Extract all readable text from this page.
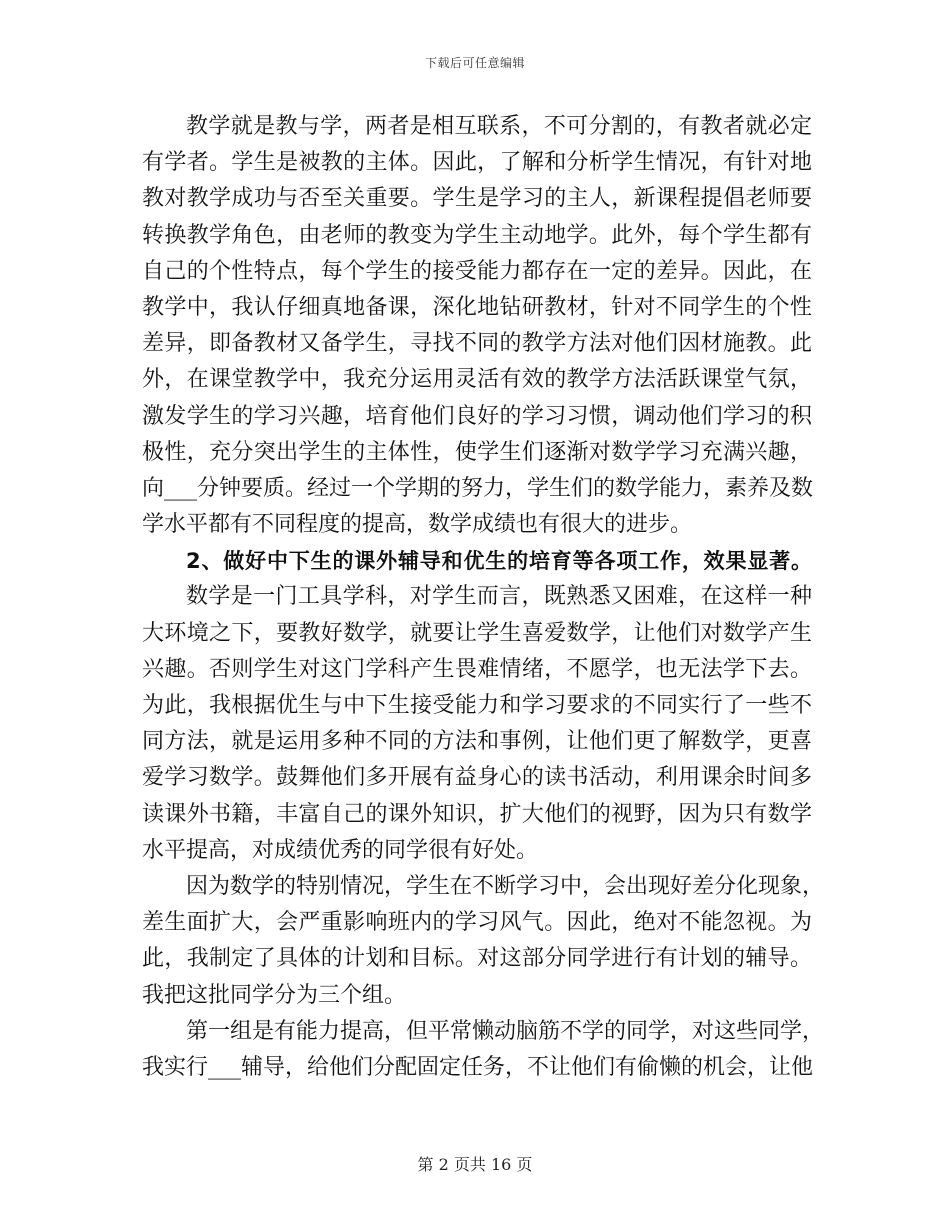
下载后可任意编辑
教学就是教与学，两者是相互联系，不可分割的，有教者就必定
有学者。学生是被教的主体。因此，了解和分析学生情况，有针对地
教对教学成功与否至关重要。学生是学习的主人，新课程提倡老师要
转换教学角色，由老师的教变为学生主动地学。此外，每个学生都有
自己的个性特点，每个学生的接受能力都存在一定的差异。因此，在
教学中，我认仔细真地备课，深化地钻研教材，针对不同学生的个性
差异，即备教材又备学生，寻找不同的教学方法对他们因材施教。此
外，在课堂教学中，我充分运用灵活有效的教学方法活跃课堂气氛，
激发学生的学习兴趣，培育他们良好的学习习惯，调动他们学习的积
极性，充分突出学生的主体性，使学生们逐渐对数学学习充满兴趣，
向___分钟要质。经过一个学期的努力，学生们的数学能力，素养及数
学水平都有不同程度的提高，数学成绩也有很大的进步。
2、做好中下生的课外辅导和优生的培育等各项工作，效果显著。
数学是一门工具学科，对学生而言，既熟悉又困难，在这样一种
大环境之下，要教好数学，就要让学生喜爱数学，让他们对数学产生
兴趣。否则学生对这门学科产生畏难情绪，不愿学，也无法学下去。
为此，我根据优生与中下生接受能力和学习要求的不同实行了一些不
同方法，就是运用多种不同的方法和事例，让他们更了解数学，更喜
爱学习数学。鼓舞他们多开展有益身心的读书活动，利用课余时间多
读课外书籍，丰富自己的课外知识，扩大他们的视野，因为只有数学
水平提高，对成绩优秀的同学很有好处。
因为数学的特别情况，学生在不断学习中，会出现好差分化现象，
差生面扩大，会严重影响班内的学习风气。因此，绝对不能忽视。为
此，我制定了具体的计划和目标。对这部分同学进行有计划的辅导。
我把这批同学分为三个组。
第一组是有能力提高，但平常懒动脑筋不学的同学，对这些同学，
我实行___辅导，给他们分配固定任务，不让他们有偷懒的机会，让他
第 2 页共 16 页
